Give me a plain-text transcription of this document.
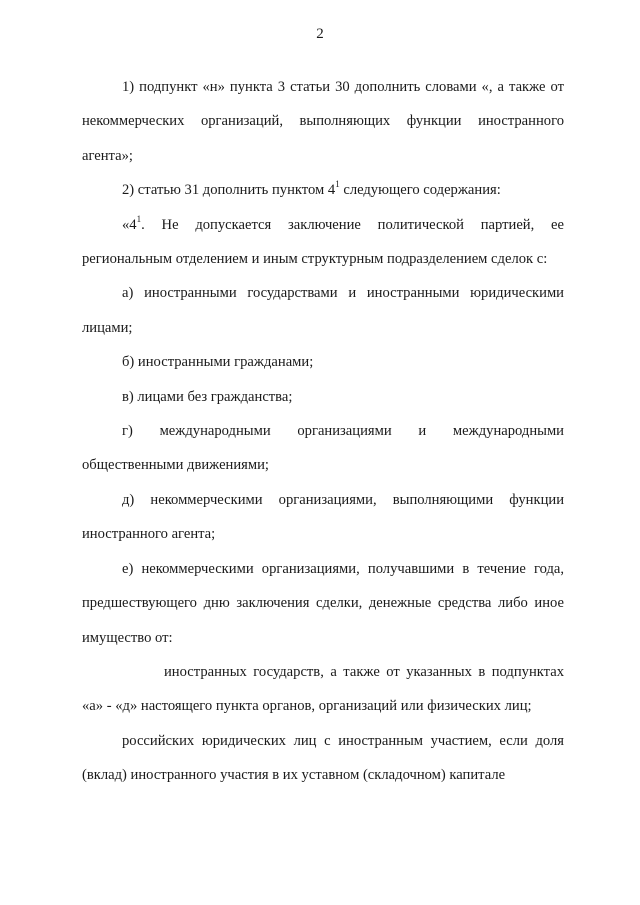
2

1) подпункт «н» пункта 3 статьи 30 дополнить словами «, а также от некоммерческих организаций, выполняющих функции иностранного агента»;

2) статью 31 дополнить пунктом $4^1$ следующего содержания:

«$4^1$. Не допускается заключение политической партией, ее региональным отделением и иным структурным подразделением сделок с:

а) иностранными государствами и иностранными юридическими лицами;

б) иностранными гражданами;

в) лицами без гражданства;

г) международными организациями и международными общественными движениями;

д) некоммерческими организациями, выполняющими функции иностранного агента;

е) некоммерческими организациями, получавшими в течение года, предшествующего дню заключения сделки, денежные средства либо иное имущество от:

иностранных государств, а также от указанных в подпунктах «а» - «д» настоящего пункта органов, организаций или физических лиц;

российских юридических лиц с иностранным участием, если доля (вклад) иностранного участия в их уставном (складочном) капитале
